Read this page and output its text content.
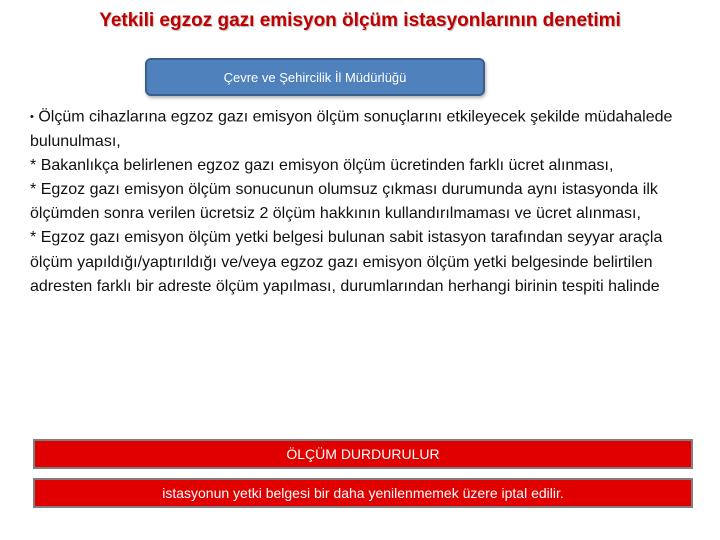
Yetkili egzoz gazı emisyon ölçüm istasyonlarının denetimi
Çevre ve Şehircilik İl Müdürlüğü

• Ölçüm cihazlarına egzoz gazı emisyon ölçüm sonuçlarını etkileyecek şekilde müdahalede bulunulması,

* Bakanlıkça belirlenen egzoz gazı emisyon ölçüm ücretinden farklı ücret alınması,

* Egzoz gazı emisyon ölçüm sonucunun olumsuz çıkması durumunda aynı istasyonda ilk ölçümden sonra verilen ücretsiz 2 ölçüm hakkının kullandırılmaması ve ücret alınması,

* Egzoz gazı emisyon ölçüm yetki belgesi bulunan sabit istasyon tarafından seyyar araçla ölçüm yapıldığı/yaptırıldığı ve/veya egzoz gazı emisyon ölçüm yetki belgesinde belirtilen adresten farklı bir adreste ölçüm yapılması, durumlarından herhangi birinin tespiti halinde

ÖLÇÜM DURDURULUR
istasyonun yetki belgesi bir daha yenilenmemek üzere iptal edilir.
